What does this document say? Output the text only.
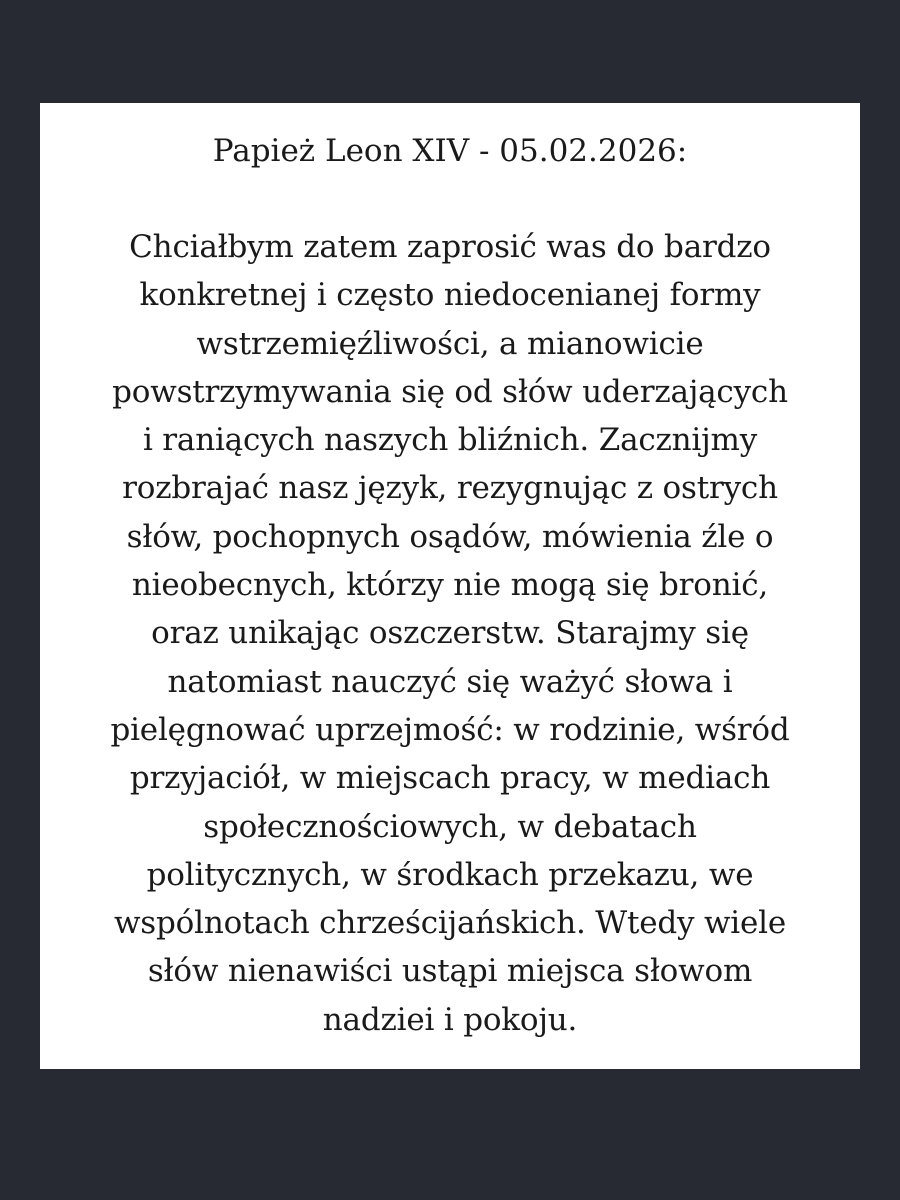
Papież Leon XIV - 05.02.2026:
Chciałbym zatem zaprosić was do bardzo
konkretnej i często niedocenianej formy
wstrzemięźliwości, a mianowicie
powstrzymywania się od słów uderzających
i raniących naszych bliźnich. Zacznijmy
rozbrajać nasz język, rezygnując z ostrych
słów, pochopnych osądów, mówienia źle o
nieobecnych, którzy nie mogą się bronić,
oraz unikając oszczerstw. Starajmy się
natomiast nauczyć się ważyć słowa i
pielęgnować uprzejmość: w rodzinie, wśród
przyjaciół, w miejscach pracy, w mediach
społecznościowych, w debatach
politycznych, w środkach przekazu, we
wspólnotach chrześcijańskich. Wtedy wiele
słów nienawiści ustąpi miejsca słowom
nadziei i pokoju.
